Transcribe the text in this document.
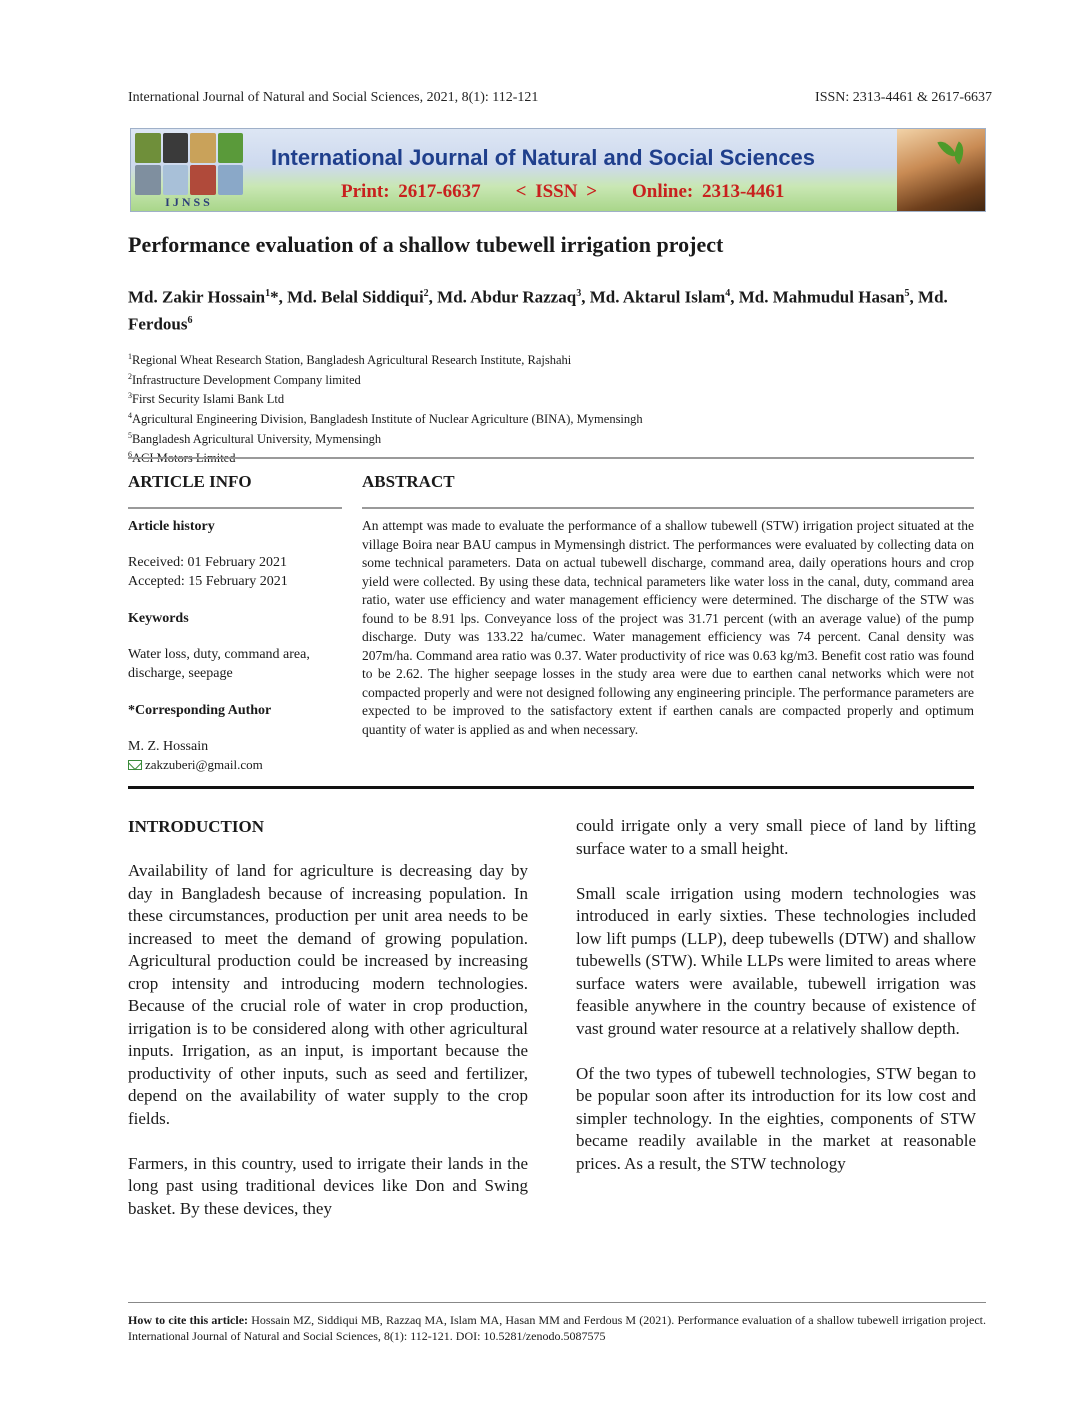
International Journal of Natural and Social Sciences, 2021, 8(1): 112-121	ISSN: 2313-4461 & 2617-6637
IJNSS
International Journal of Natural and Social Sciences
Print: 2617-6637    < ISSN >    Online: 2313-4461
Performance evaluation of a shallow tubewell irrigation project
Md. Zakir Hossain$^1$*, Md. Belal Siddiqui$^2$, Md. Abdur Razzaq$^3$, Md. Aktarul Islam$^4$, Md. Mahmudul Hasan$^5$, Md. Ferdous$^6$
$^1$Regional Wheat Research Station, Bangladesh Agricultural Research Institute, Rajshahi
$^2$Infrastructure Development Company limited
$^3$First Security Islami Bank Ltd
$^4$Agricultural Engineering Division, Bangladesh Institute of Nuclear Agriculture (BINA), Mymensingh
$^5$Bangladesh Agricultural University, Mymensingh
$^6$ACI Motors Limited
ARTICLE INFO	ABSTRACT
Article history
Received: 01 February 2021
Accepted: 15 February 2021
Keywords
Water loss, duty, command area,
discharge, seepage
*Corresponding Author
M. Z. Hossain
zakzuberi@gmail.com
An attempt was made to evaluate the performance of a shallow tubewell (STW) irrigation project situated at the village Boira near BAU campus in Mymensingh district. The performances were evaluated by collecting data on some technical parameters. Data on actual tubewell discharge, command area, daily operations hours and crop yield were collected. By using these data, technical parameters like water loss in the canal, duty, command area ratio, water use efficiency and water management efficiency were determined. The discharge of the STW was found to be 8.91 lps. Conveyance loss of the project was 31.71 percent (with an average value) of the pump discharge. Duty was 133.22 ha/cumec. Water management efficiency was 74 percent. Canal density was 207m/ha. Command area ratio was 0.37. Water productivity of rice was 0.63 kg/m3. Benefit cost ratio was found to be 2.62. The higher seepage losses in the study area were due to earthen canal networks which were not compacted properly and were not designed following any engineering principle. The performance parameters are expected to be improved to the satisfactory extent if earthen canals are compacted properly and optimum quantity of water is applied as and when necessary.
INTRODUCTION

Availability of land for agriculture is decreasing day by day in Bangladesh because of increasing population. In these circumstances, production per unit area needs to be increased to meet the demand of growing population. Agricultural production could be increased by increasing crop intensity and introducing modern technologies. Because of the crucial role of water in crop production, irrigation is to be considered along with other agricultural inputs. Irrigation, as an input, is important because the productivity of other inputs, such as seed and fertilizer, depend on the availability of water supply to the crop fields.

Farmers, in this country, used to irrigate their lands in the long past using traditional devices like Don and Swing basket. By these devices, they

could irrigate only a very small piece of land by lifting surface water to a small height.

Small scale irrigation using modern technologies was introduced in early sixties. These technologies included low lift pumps (LLP), deep tubewells (DTW) and shallow tubewells (STW). While LLPs were limited to areas where surface waters were available, tubewell irrigation was feasible anywhere in the country because of existence of vast ground water resource at a relatively shallow depth.

Of the two types of tubewell technologies, STW began to be popular soon after its introduction for its low cost and simpler technology. In the eighties, components of STW became readily available in the market at reasonable prices. As a result, the STW technology

How to cite this article: Hossain MZ, Siddiqui MB, Razzaq MA, Islam MA, Hasan MM and Ferdous M (2021). Performance evaluation of a shallow tubewell irrigation project. International Journal of Natural and Social Sciences, 8(1): 112-121. DOI: 10.5281/zenodo.5087575
